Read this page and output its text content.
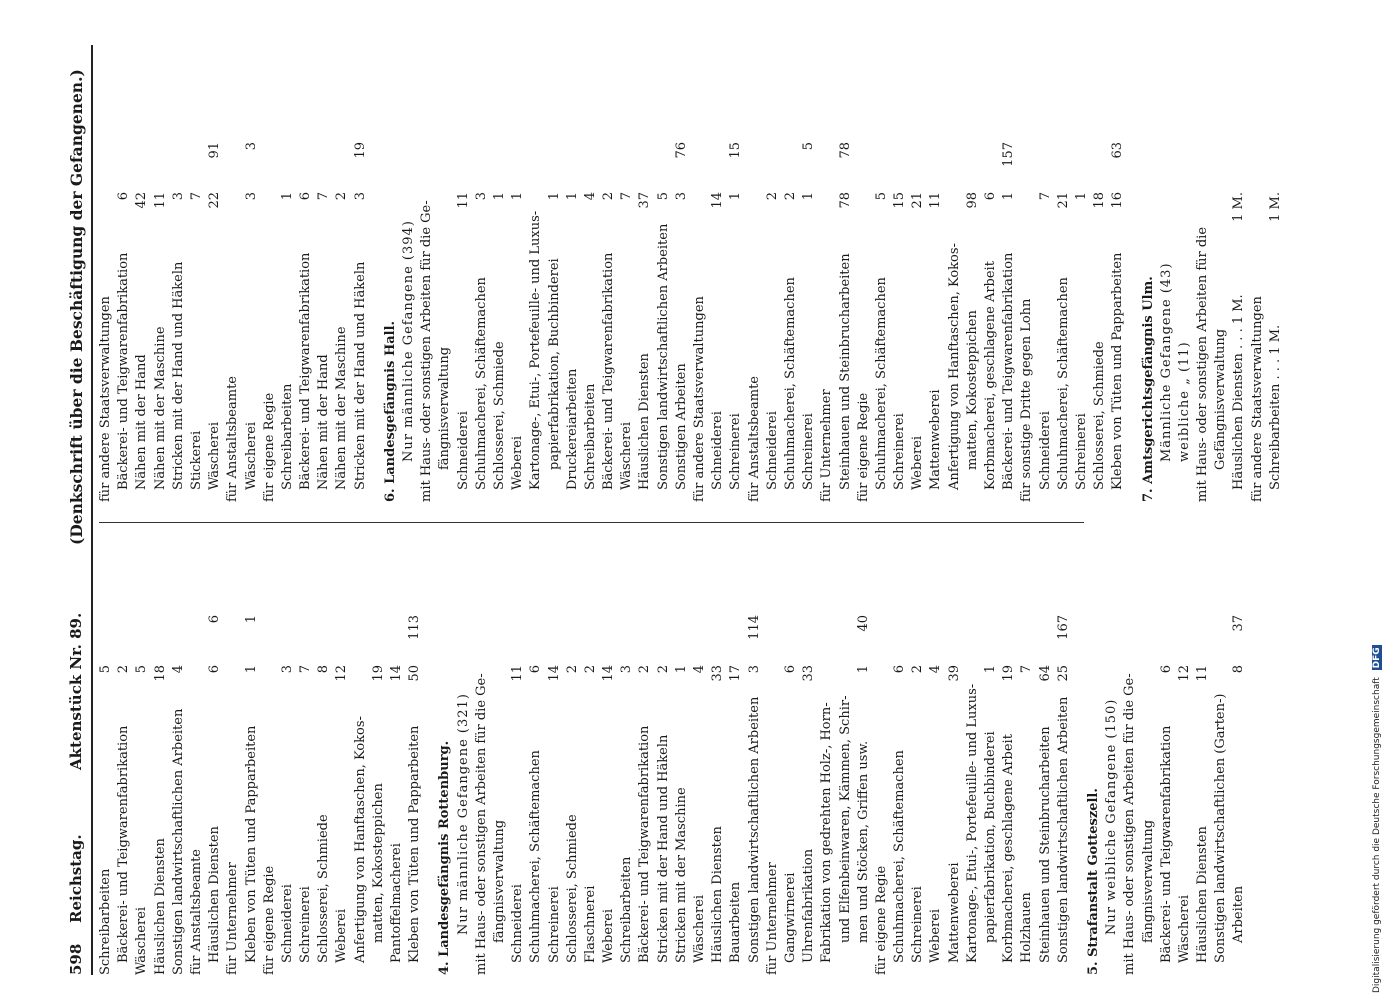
598
Reichstag.
Aktenstück Nr. 89.
(Denkschrift über die Beschäftigung der Gefangenen.)
Schreibarbeiten
5
Bäckerei- und Teigwarenfabrikation
2
Wäscherei
5
Häuslichen Diensten
18
Sonstigen landwirtschaftlichen Arbeiten
4
für Anstaltsbeamte Häuslichen Diensten
6
6
für Unternehmer Kleben von Tüten und Papparbeiten
1
1
für eigene Regie Schneiderei
3
Schreinerei
7
Schlosserei, Schmiede
8
Weberei
12
Anfertigung von Hanftaschen, Kokos- matten, Kokosteppichen
19
Pantoffelmacherei
14
Kleben von Tüten und Papparbeiten
50
113
4. Landesgefängnis Rottenburg. Nur männliche Gefangene (321) mit Haus- oder sonstigen Arbeiten für die Ge- fängnisverwaltung Schneiderei
11
Schuhmacherei, Schäftemachen
6
Schreinerei
14
Schlosserei, Schmiede
2
Flaschnerei
2
Weberei
14
Schreibarbeiten
3
Bäckerei- und Teigwarenfabrikation
2
Stricken mit der Hand und Häkeln
2
Stricken mit der Maschine
1
Wäscherei
4
Häuslichen Diensten
33
Bauarbeiten
17
Sonstigen landwirtschaftlichen Arbeiten
3
114
für Unternehmer Gangwirnerei
6
Uhrenfabrikation
33
Fabrikation von gedrehten Holz-, Horn- und Elfenbeinwaren, Kämmen, Schir- men und Stöcken, Griffen usw.
1
40
für eigene Regie Schuhmacherei, Schäftemachen
6
Schreinerei
2
Weberei
4
Mattenweberei
39
Kartonage-, Etui-, Portefeuille- und Luxus- papierfabrikation, Buchbinderei
1
Korbmacherei, geschlagene Arbeit
19
Holzhauen
7
Steinhauen und Steinbrucharbeiten
64
Sonstigen landwirtschaftlichen Arbeiten
25
167
5. Strafanstalt Gotteszell. Nur weibliche Gefangene (150) mit Haus- oder sonstigen Arbeiten für die Ge- fängnisverwaltung Bäckerei- und Teigwarenfabrikation
6
Wäscherei
12
Häuslichen Diensten
11
Sonstigen landwirtschaftlichen (Garten-) Arbeiten
8
37
für andere Staatsverwaltungen Bäckerei- und Teigwarenfabrikation
6
Nähen mit der Hand
42
Nähen mit der Maschine
11
Stricken mit der Hand und Häkeln
3
Stickerei
7
Wäscherei
22
91
für Anstaltsbeamte Wäscherei
3
3
für eigene Regie Schreibarbeiten
1
Bäckerei- und Teigwarenfabrikation
6
Nähen mit der Hand
7
Nähen mit der Maschine
2
Stricken mit der Hand und Häkeln
3
19
6. Landesgefängnis Hall. Nur männliche Gefangene (394) mit Haus- oder sonstigen Arbeiten für die Ge- fängnisverwaltung Schneiderei
11
Schuhmacherei, Schäftemachen
3
Schlosserei, Schmiede
1
Weberei
1
Kartonage-, Etui-, Portefeuille- und Luxus- papierfabrikation, Buchbinderei
1
Druckereiarbeiten
1
Schreibarbeiten
4
Bäckerei- und Teigwarenfabrikation
2
Wäscherei
7
Häuslichen Diensten
37
Sonstigen landwirtschaftlichen Arbeiten
5
Sonstigen Arbeiten
3
76
für andere Staatsverwaltungen Schneiderei
14
Schreinerei
1
15
für Anstaltsbeamte Schneiderei
2
Schuhmacherei, Schäftemachen
2
Schreinerei
1
5
für Unternehmer Steinhauen und Steinbrucharbeiten
78
78
für eigene Regie Schuhmacherei, Schäftemachen
5
Schreinerei
15
Weberei
21
Mattenweberei
11
Anfertigung von Hanftaschen, Kokos- matten, Kokosteppichen
98
Korbmacherei, geschlagene Arbeit
6
Bäckerei- und Teigwarenfabrikation
1
157
für sonstige Dritte gegen Lohn Schneiderei
7
Schuhmacherei, Schäftemachen
21
Schreinerei
1
Schlosserei, Schmiede
18
Kleben von Tüten und Papparbeiten
16
63
7. Amtsgerichtsgefängnis Ulm. Männliche Gefangene (43) weibliche „ (11) mit Haus- oder sonstigen Arbeiten für die Gefängnisverwaltung Häuslichen Diensten . . . 1 M.
1 M.
für andere Staatsverwaltungen Schreibarbeiten . . . 1 M.
1 M.
Digitalisierung gefördert durch die Deutsche Forschungsgemeinschaft DFG
